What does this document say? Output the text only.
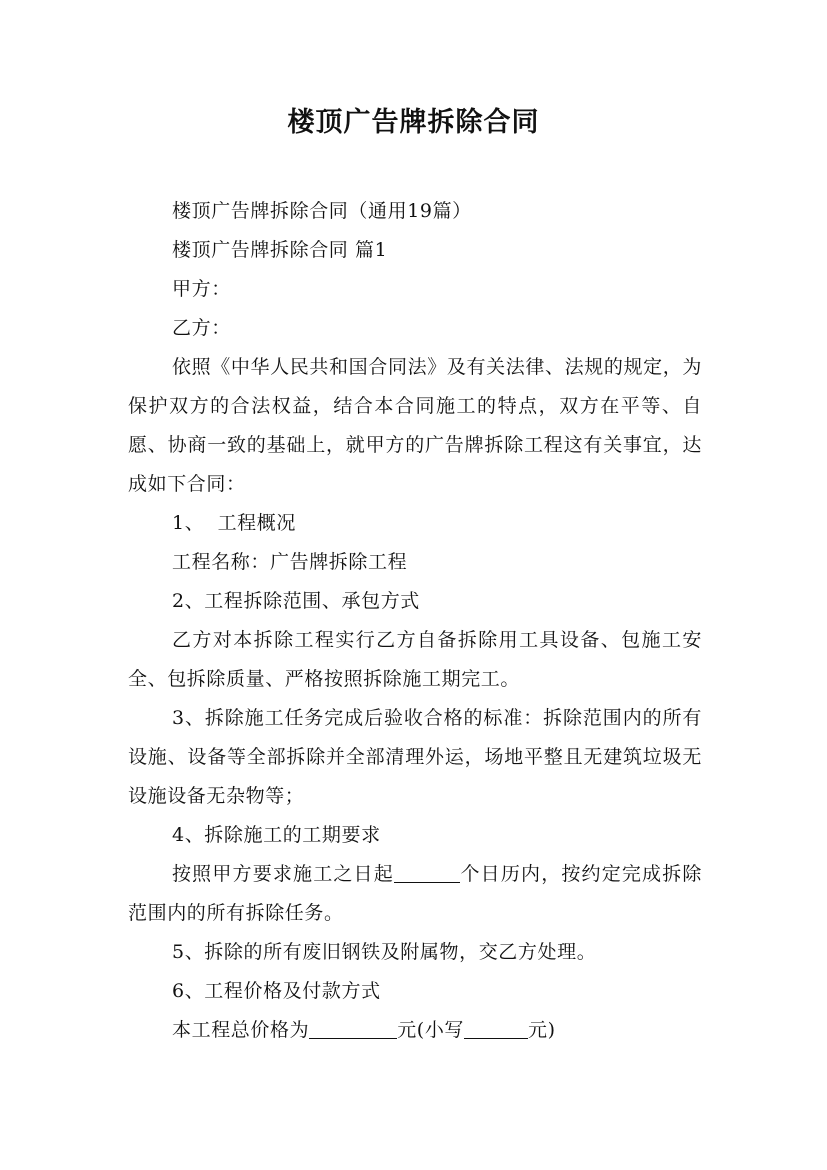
楼顶广告牌拆除合同

楼顶广告牌拆除合同（通用19篇）

楼顶广告牌拆除合同 篇1

甲方：

乙方：

依照《中华人民共和国合同法》及有关法律、法规的规定，为保护双方的合法权益，结合本合同施工的特点，双方在平等、自愿、协商一致的基础上，就甲方的广告牌拆除工程这有关事宜，达成如下合同：

1、  工程概况

工程名称：广告牌拆除工程

2、工程拆除范围、承包方式

乙方对本拆除工程实行乙方自备拆除用工具设备、包施工安全、包拆除质量、严格按照拆除施工期完工。

3、拆除施工任务完成后验收合格的标准：拆除范围内的所有设施、设备等全部拆除并全部清理外运，场地平整且无建筑垃圾无设施设备无杂物等；

4、拆除施工的工期要求

按照甲方要求施工之日起	个日历内，按约定完成拆除范围内的所有拆除任务。

5、拆除的所有废旧钢铁及附属物，交乙方处理。

6、工程价格及付款方式

本工程总价格为	元(小写	元)
